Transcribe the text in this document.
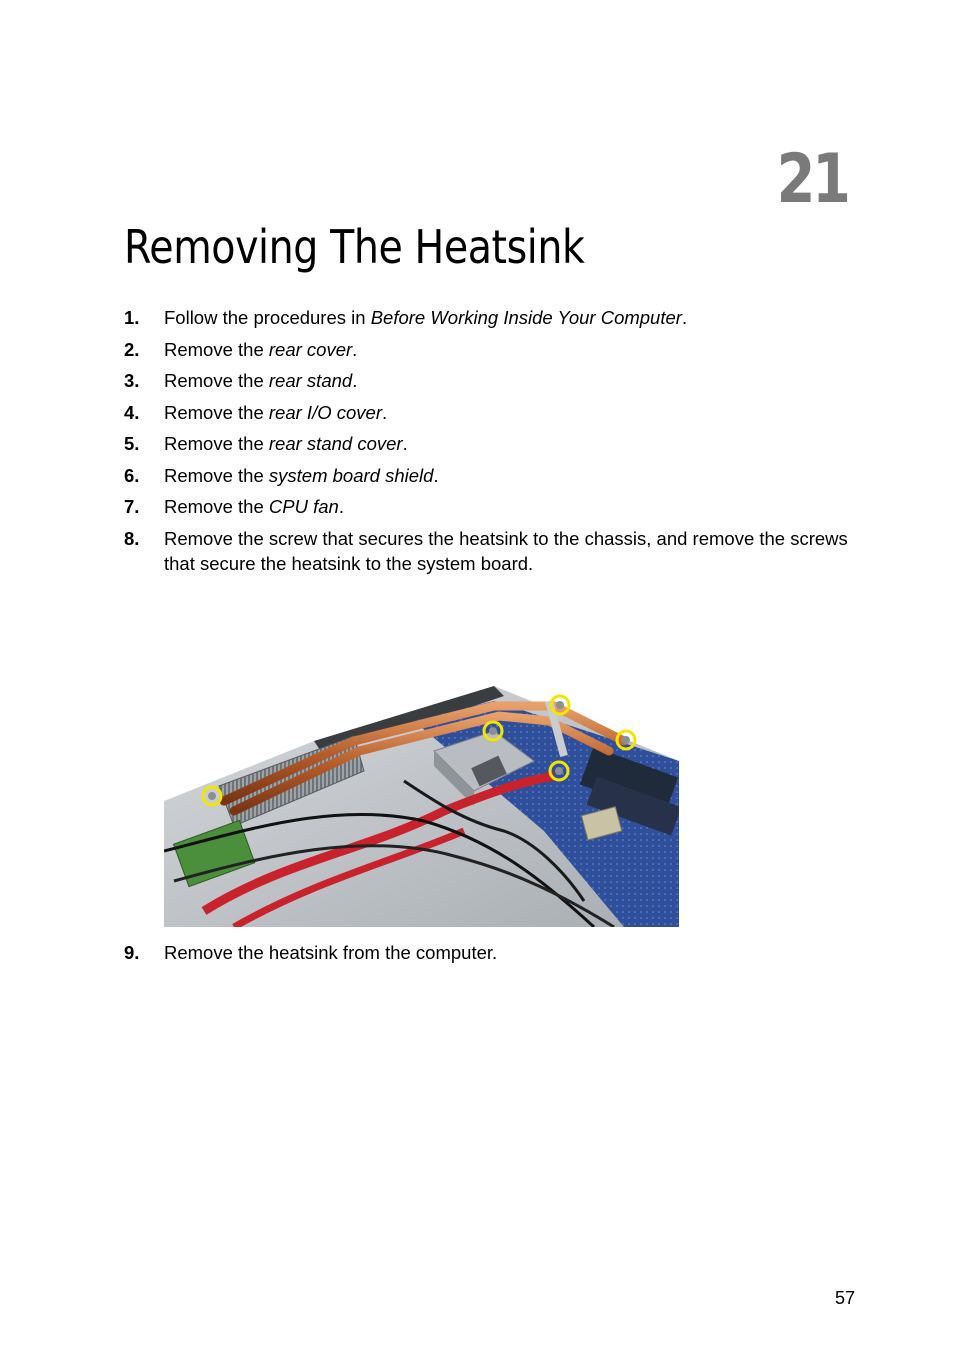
21
Removing The Heatsink
1.	Follow the procedures in Before Working Inside Your Computer.
2.	Remove the rear cover.
3.	Remove the rear stand.
4.	Remove the rear I/O cover.
5.	Remove the rear stand cover.
6.	Remove the system board shield.
7.	Remove the CPU fan.
8.	Remove the screw that secures the heatsink to the chassis, and remove the screws
that secure the heatsink to the system board.
9.	Remove the heatsink from the computer.
57
